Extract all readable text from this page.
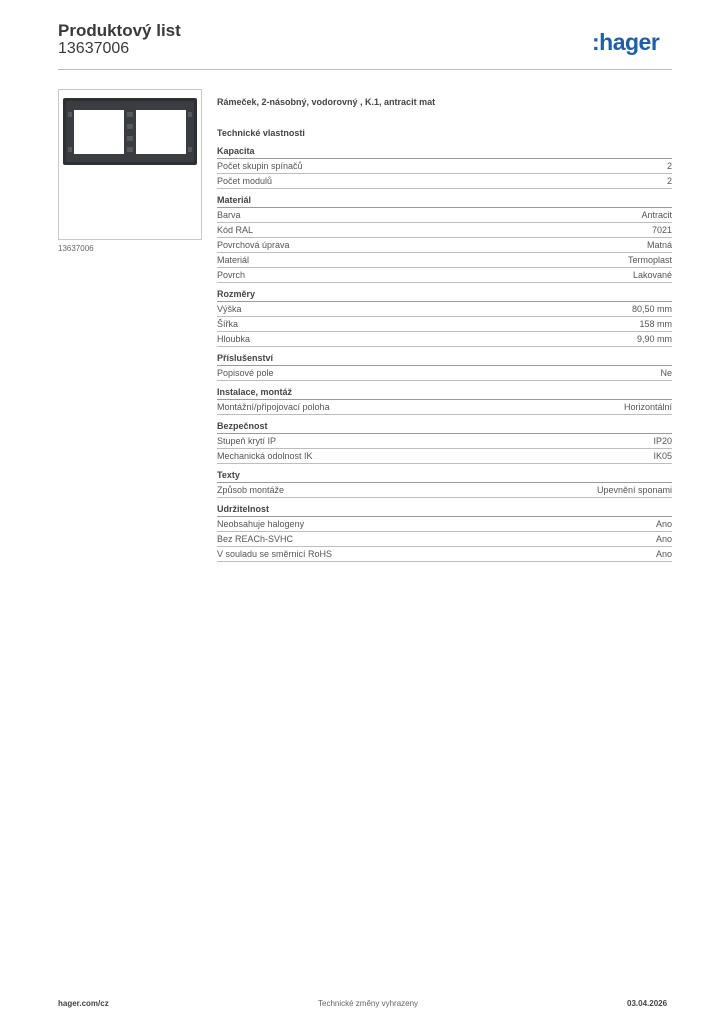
Produktový list
13637006	:hager
13637006
Rámeček, 2-násobný, vodorovný , K.1, antracit mat
Technické vlastnosti
Kapacita
Počet skupin spínačů	2
Počet modulů	2
Materiál
Barva	Antracit
Kód RAL	7021
Povrchová úprava	Matná
Materiál	Termoplast
Povrch	Lakované
Rozměry
Výška	80,50 mm
Šířka	158 mm
Hloubka	9,90 mm
Příslušenství
Popisové pole	Ne
Instalace, montáž
Montážní/připojovací poloha	Horizontální
Bezpečnost
Stupeň krytí IP	IP20
Mechanická odolnost IK	IK05
Texty
Způsob montáže	Upevnění sponami
Udržitelnost
Neobsahuje halogeny	Ano
Bez REACh-SVHC	Ano
V souladu se směrnicí RoHS	Ano
hager.com/cz	Technické změny vyhrazeny	03.04.2026
